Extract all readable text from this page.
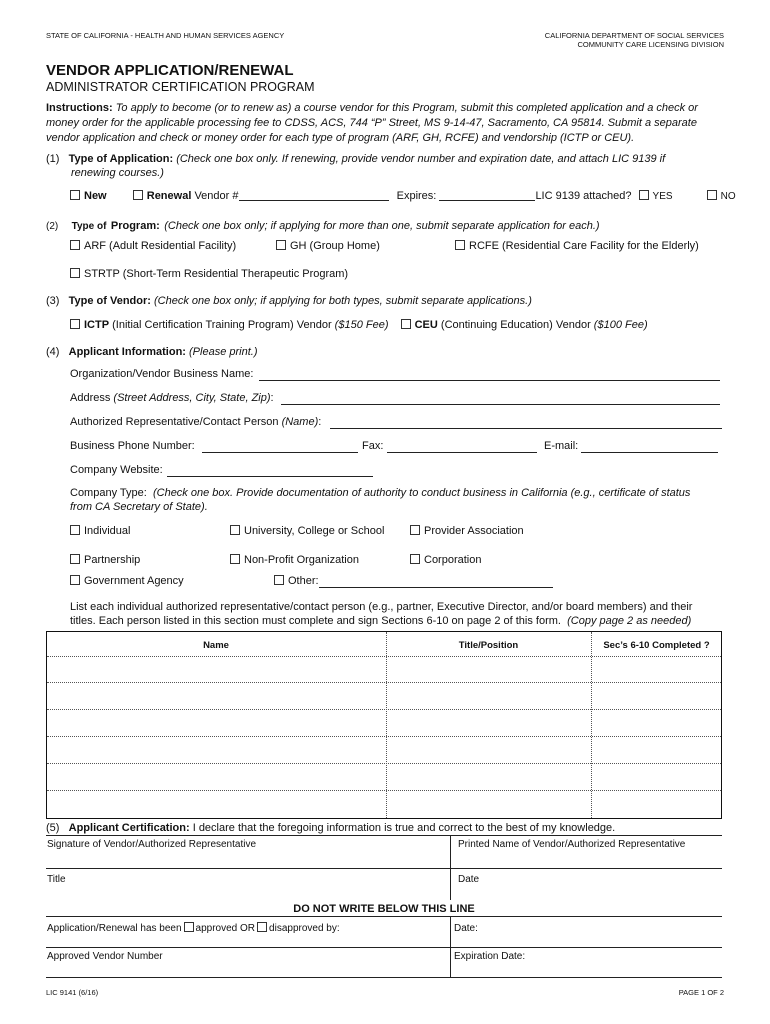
STATE OF CALIFORNIA - HEALTH AND HUMAN SERVICES AGENCY	CALIFORNIA DEPARTMENT OF SOCIAL SERVICES
COMMUNITY CARE LICENSING DIVISION
VENDOR APPLICATION/RENEWAL
ADMINISTRATOR CERTIFICATION PROGRAM
Instructions: To apply to become (or to renew as) a course vendor for this Program, submit this completed application and a check or
money order for the applicable processing fee to CDSS, ACS, 744 “P” Street, MS 9-14-47, Sacramento, CA 95814. Submit a separate
vendor application and check or money order for each type of program (ARF, GH, RCFE) and vendorship (ICTP or CEU).
(1) Type of Application: (Check one box only. If renewing, provide vendor number and expiration date, and attach LIC 9139 if
renewing courses.)
New	Renewal Vendor #	Expires:	LIC 9139 attached? YES	NO
(2) Type of Program: (Check one box only; if applying for more than one, submit separate application for each.)
ARF (Adult Residential Facility)	GH (Group Home)	RCFE (Residential Care Facility for the Elderly)
STRTP (Short-Term Residential Therapeutic Program)
(3) Type of Vendor: (Check one box only; if applying for both types, submit separate applications.)
ICTP (Initial Certification Training Program) Vendor ($150 Fee) CEU (Continuing Education) Vendor ($100 Fee)
(4) Applicant Information: (Please print.)
Organization/Vendor Business Name:
Address (Street Address, City, State, Zip):
Authorized Representative/Contact Person (Name):
Business Phone Number:	Fax:	E-mail:
Company Website:
Company Type: (Check one box. Provide documentation of authority to conduct business in California (e.g., certificate of status
from CA Secretary of State).
Individual	University, College or School	Provider Association
Partnership	Non-Profit Organization	Corporation
Government Agency	Other:
List each individual authorized representative/contact person (e.g., partner, Executive Director, and/or board members) and their
titles. Each person listed in this section must complete and sign Sections 6-10 on page 2 of this form. (Copy page 2 as needed)
Name	Title/Position	Sec’s 6-10 Completed ?
(5) Applicant Certification: I declare that the foregoing information is true and correct to the best of my knowledge.
Signature of Vendor/Authorized Representative	Printed Name of Vendor/Authorized Representative
Title	Date
DO NOT WRITE BELOW THIS LINE
Application/Renewal has been approved OR disapproved by:	Date:
Approved Vendor Number	Expiration Date:
LIC 9141 (6/16)	PAGE 1 OF 2
